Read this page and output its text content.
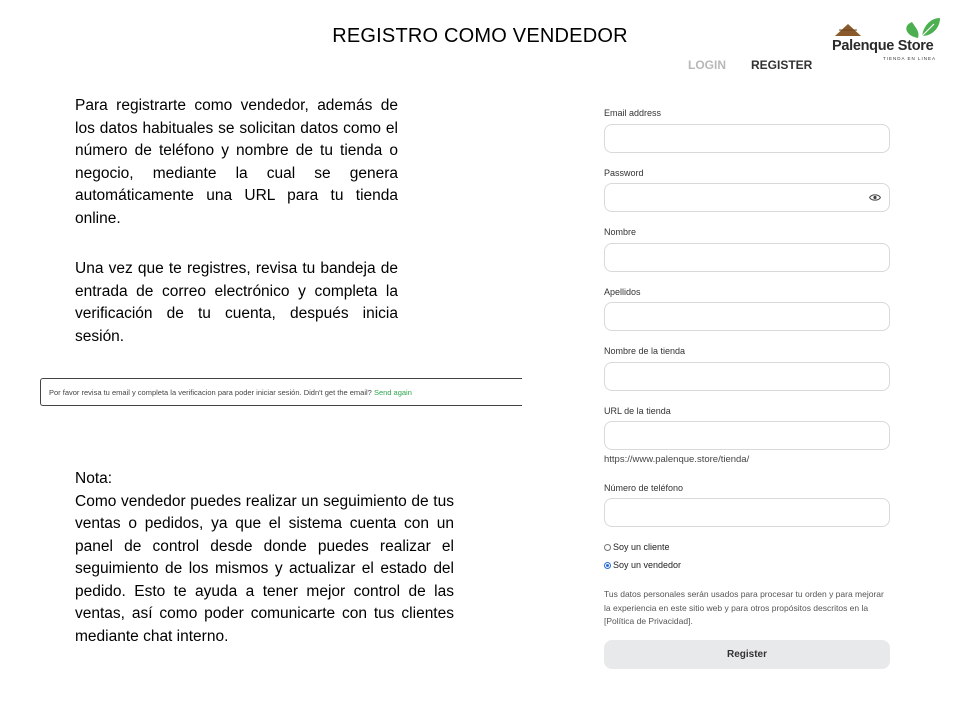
REGISTRO COMO VENDEDOR	Palenque Store
TIENDA EN LINEA
LOGIN REGISTER
Para registrarte como vendedor, además de los datos habituales se solicitan datos como el número de teléfono y nombre de tu tienda o negocio, mediante la cual se genera automáticamente una URL para tu tienda online.
Una vez que te registres, revisa tu bandeja de entrada de correo electrónico y completa la verificación de tu cuenta, después inicia sesión.
Por favor revisa tu email y completa la verificacion para poder iniciar sesión. Didn't get the email? Send again
Nota:
Como vendedor puedes realizar un seguimiento de tus ventas o pedidos, ya que el sistema cuenta con un panel de control desde donde puedes realizar el seguimiento de los mismos y actualizar el estado del pedido. Esto te ayuda a tener mejor control de las ventas, así como poder comunicarte con tus clientes mediante chat interno.
Email address
Password
Nombre
Apellidos
Nombre de la tienda
URL de la tienda
https://www.palenque.store/tienda/
Número de teléfono
Soy un cliente
Soy un vendedor
Tus datos personales serán usados para procesar tu orden y para mejorar la experiencia en este sitio web y para otros propósitos descritos en la [Política de Privacidad].
Register
